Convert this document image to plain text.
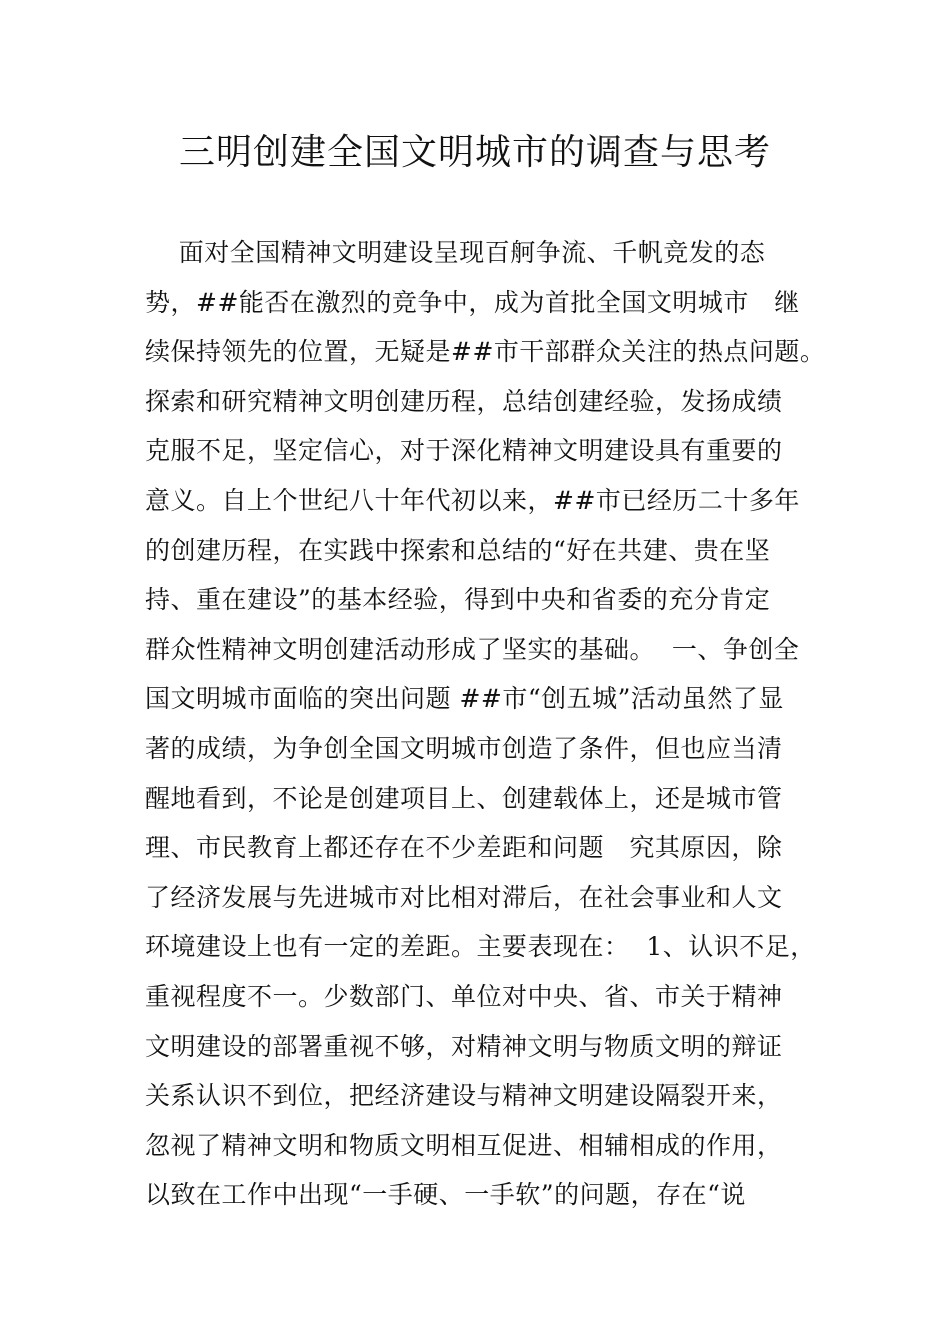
三明创建全国文明城市的调查与思考
面对全国精神文明建设呈现百舸争流、千帆竞发的态
势，##能否在激烈的竞争中，成为首批全国文明城市   继
续保持领先的位置，无疑是##市干部群众关注的热点问题。
探索和研究精神文明创建历程，总结创建经验，发扬成绩
克服不足，坚定信心，对于深化精神文明建设具有重要的
意义。自上个世纪八十年代初以来，##市已经历二十多年
的创建历程，在实践中探索和总结的“好在共建、贵在坚
持、重在建设”的基本经验，得到中央和省委的充分肯定
群众性精神文明创建活动形成了坚实的基础。  一、争创全
国文明城市面临的突出问题 ##市“创五城”活动虽然了显
著的成绩，为争创全国文明城市创造了条件，但也应当清
醒地看到，不论是创建项目上、创建载体上，还是城市管
理、市民教育上都还存在不少差距和问题   究其原因，除
了经济发展与先进城市对比相对滞后，在社会事业和人文
环境建设上也有一定的差距。主要表现在：  1、认识不足，
重视程度不一。少数部门、单位对中央、省、市关于精神
文明建设的部署重视不够，对精神文明与物质文明的辩证
关系认识不到位，把经济建设与精神文明建设隔裂开来，
忽视了精神文明和物质文明相互促进、相辅相成的作用，
以致在工作中出现“一手硬、一手软”的问题，存在“说
